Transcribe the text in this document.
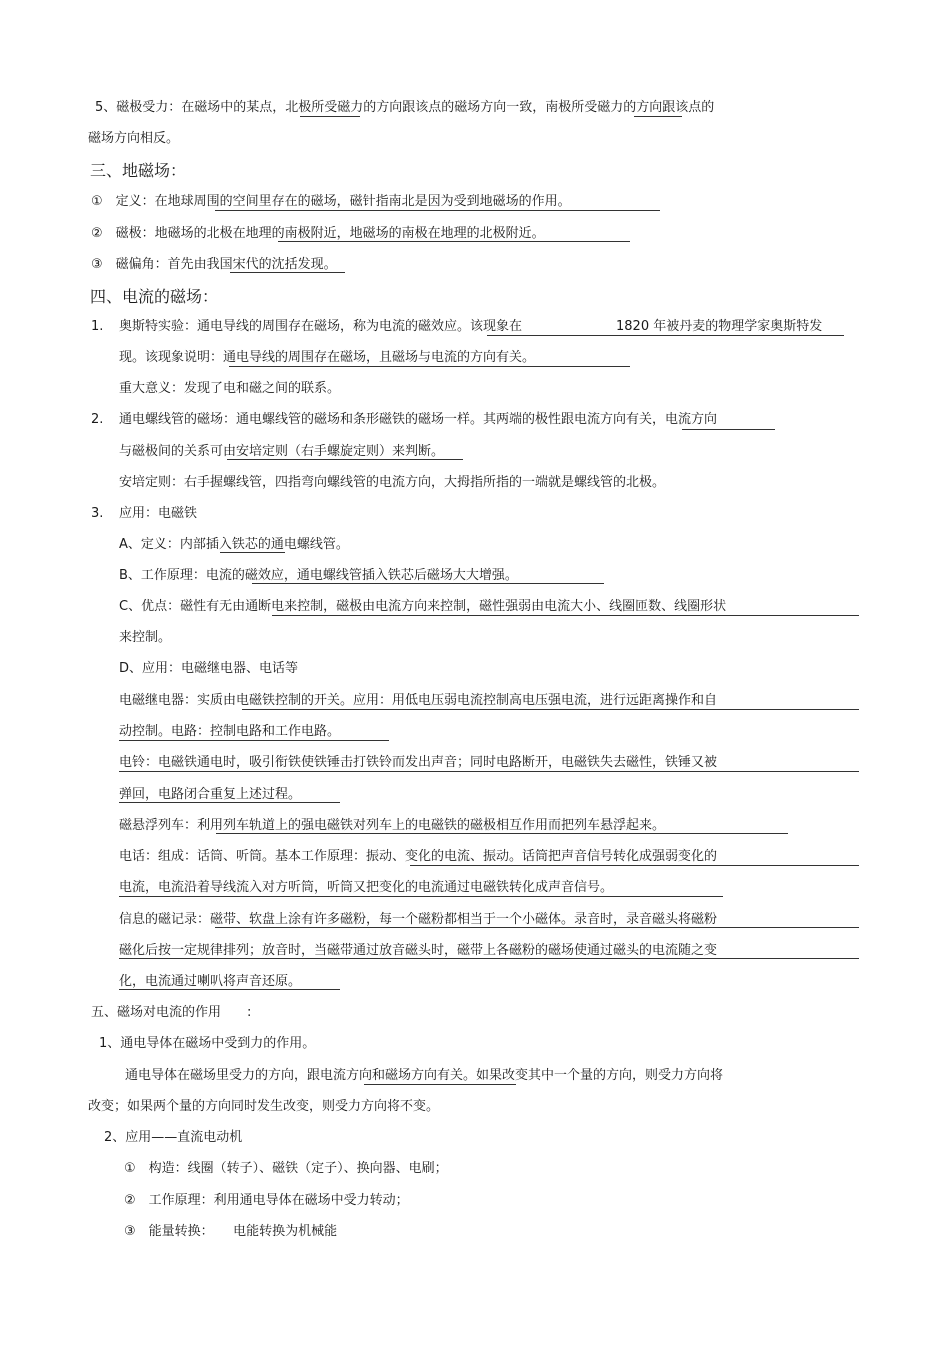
5、磁极受力：在磁场中的某点，北极所受磁力的方向跟该点的磁场方向一致，南极所受磁力的方向跟该点的
磁场方向相反。
三、地磁场：
①　定义：在地球周围的空间里存在的磁场，磁针指南北是因为受到地磁场的作用。
②　磁极：地磁场的北极在地理的南极附近，地磁场的南极在地理的北极附近。
③　磁偏角：首先由我国宋代的沈括发现。
四、电流的磁场：
1. 奥斯特实验：通电导线的周围存在磁场，称为电流的磁效应。该现象在	1820 年被丹麦的物理学家奥斯特发
现。该现象说明：通电导线的周围存在磁场，且磁场与电流的方向有关。
重大意义：发现了电和磁之间的联系。
2. 通电螺线管的磁场：通电螺线管的磁场和条形磁铁的磁场一样。其两端的极性跟电流方向有关，电流方向
与磁极间的关系可由安培定则（右手螺旋定则）来判断。
安培定则：右手握螺线管，四指弯向螺线管的电流方向，大拇指所指的一端就是螺线管的北极。
3. 应用：电磁铁
A、定义：内部插入铁芯的通电螺线管。
B、工作原理：电流的磁效应，通电螺线管插入铁芯后磁场大大增强。
C、优点：磁性有无由通断电来控制，磁极由电流方向来控制，磁性强弱由电流大小、线圈匝数、线圈形状
来控制。
D、应用：电磁继电器、电话等
电磁继电器：实质由电磁铁控制的开关。应用：用低电压弱电流控制高电压强电流，进行远距离操作和自
动控制。电路：控制电路和工作电路。
电铃：电磁铁通电时，吸引衔铁使铁锤击打铁铃而发出声音；同时电路断开，电磁铁失去磁性，铁锤又被
弹回，电路闭合重复上述过程。
磁悬浮列车：利用列车轨道上的强电磁铁对列车上的电磁铁的磁极相互作用而把列车悬浮起来。
电话：组成：话筒、听筒。基本工作原理：振动、变化的电流、振动。话筒把声音信号转化成强弱变化的
电流，电流沿着导线流入对方听筒，听筒又把变化的电流通过电磁铁转化成声音信号。
信息的磁记录：磁带、软盘上涂有许多磁粉，每一个磁粉都相当于一个小磁体。录音时，录音磁头将磁粉
磁化后按一定规律排列；放音时，当磁带通过放音磁头时，磁带上各磁粉的磁场使通过磁头的电流随之变
化，电流通过喇叭将声音还原。
五、磁场对电流的作用　　:
1、通电导体在磁场中受到力的作用。
通电导体在磁场里受力的方向，跟电流方向和磁场方向有关。如果改变其中一个量的方向，则受力方向将
改变；如果两个量的方向同时发生改变，则受力方向将不变。
2、应用——直流电动机
①　构造：线圈（转子）、磁铁（定子）、换向器、电刷；
②　工作原理：利用通电导体在磁场中受力转动；
③　能量转换：　　电能转换为机械能
